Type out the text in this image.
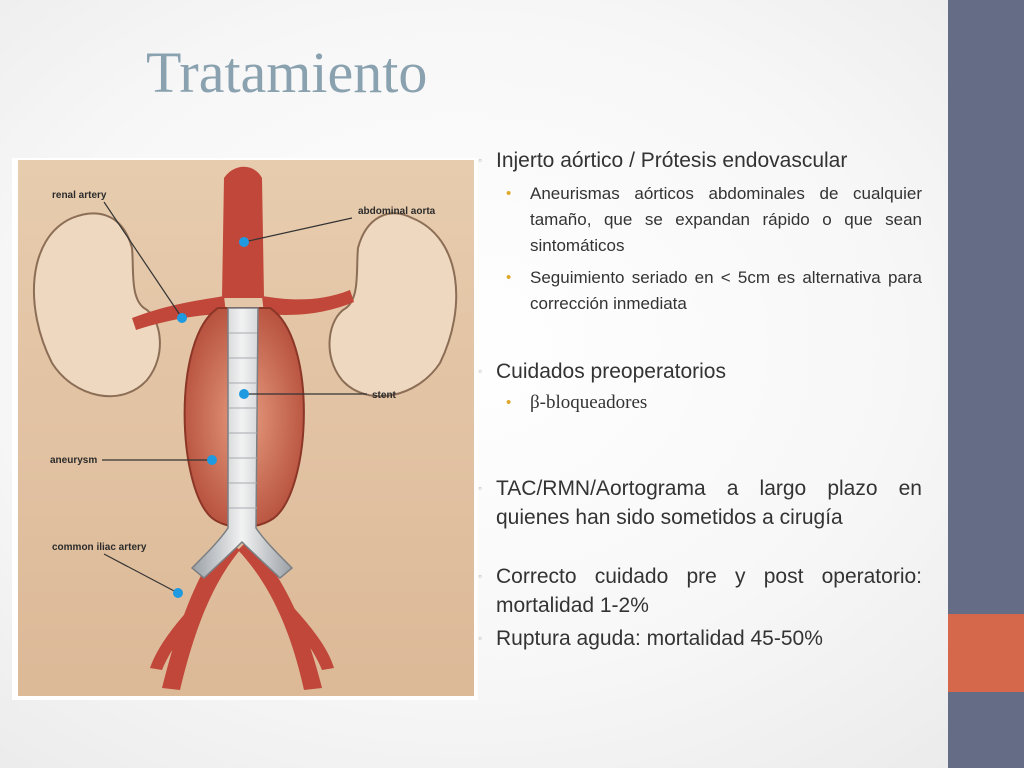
Tratamiento
renal artery
abdominal aorta
stent
aneurysm
common iliac artery
◦ Injerto aórtico / Prótesis endovascular
• Aneurismas aórticos abdominales de cualquier tamaño, que se expandan rápido o que sean sintomáticos
• Seguimiento seriado en < 5cm es alternativa para corrección inmediata
◦ Cuidados preoperatorios
• β-bloqueadores
◦ TAC/RMN/Aortograma a largo plazo en quienes han sido sometidos a cirugía
◦ Correcto cuidado pre y post operatorio: mortalidad 1-2%
◦ Ruptura aguda: mortalidad 45-50%
